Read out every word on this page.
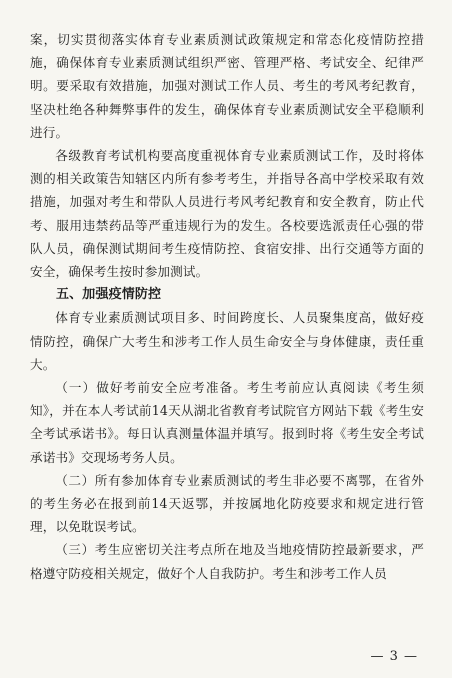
案，切实贯彻落实体育专业素质测试政策规定和常态化疫情防控措施，确保体育专业素质测试组织严密、管理严格、考试安全、纪律严明。要采取有效措施，加强对测试工作人员、考生的考风考纪教育，坚决杜绝各种舞弊事件的发生，确保体育专业素质测试安全平稳顺利进行。

各级教育考试机构要高度重视体育专业素质测试工作，及时将体测的相关政策告知辖区内所有参考考生，并指导各高中学校采取有效措施，加强对考生和带队人员进行考风考纪教育和安全教育，防止代考、服用违禁药品等严重违规行为的发生。各校要选派责任心强的带队人员，确保测试期间考生疫情防控、食宿安排、出行交通等方面的安全，确保考生按时参加测试。

五、加强疫情防控

体育专业素质测试项目多、时间跨度长、人员聚集度高，做好疫情防控，确保广大考生和涉考工作人员生命安全与身体健康，责任重大。

（一）做好考前安全应考准备。考生考前应认真阅读《考生须知》，并在本人考试前14天从湖北省教育考试院官方网站下载《考生安全考试承诺书》。每日认真测量体温并填写。报到时将《考生安全考试承诺书》交现场考务人员。

（二）所有参加体育专业素质测试的考生非必要不离鄂，在省外的考生务必在报到前14天返鄂，并按属地化防疫要求和规定进行管理，以免耽误考试。

（三）考生应密切关注考点所在地及当地疫情防控最新要求，严格遵守防疫相关规定，做好个人自我防护。考生和涉考工作人员

— 3 —
